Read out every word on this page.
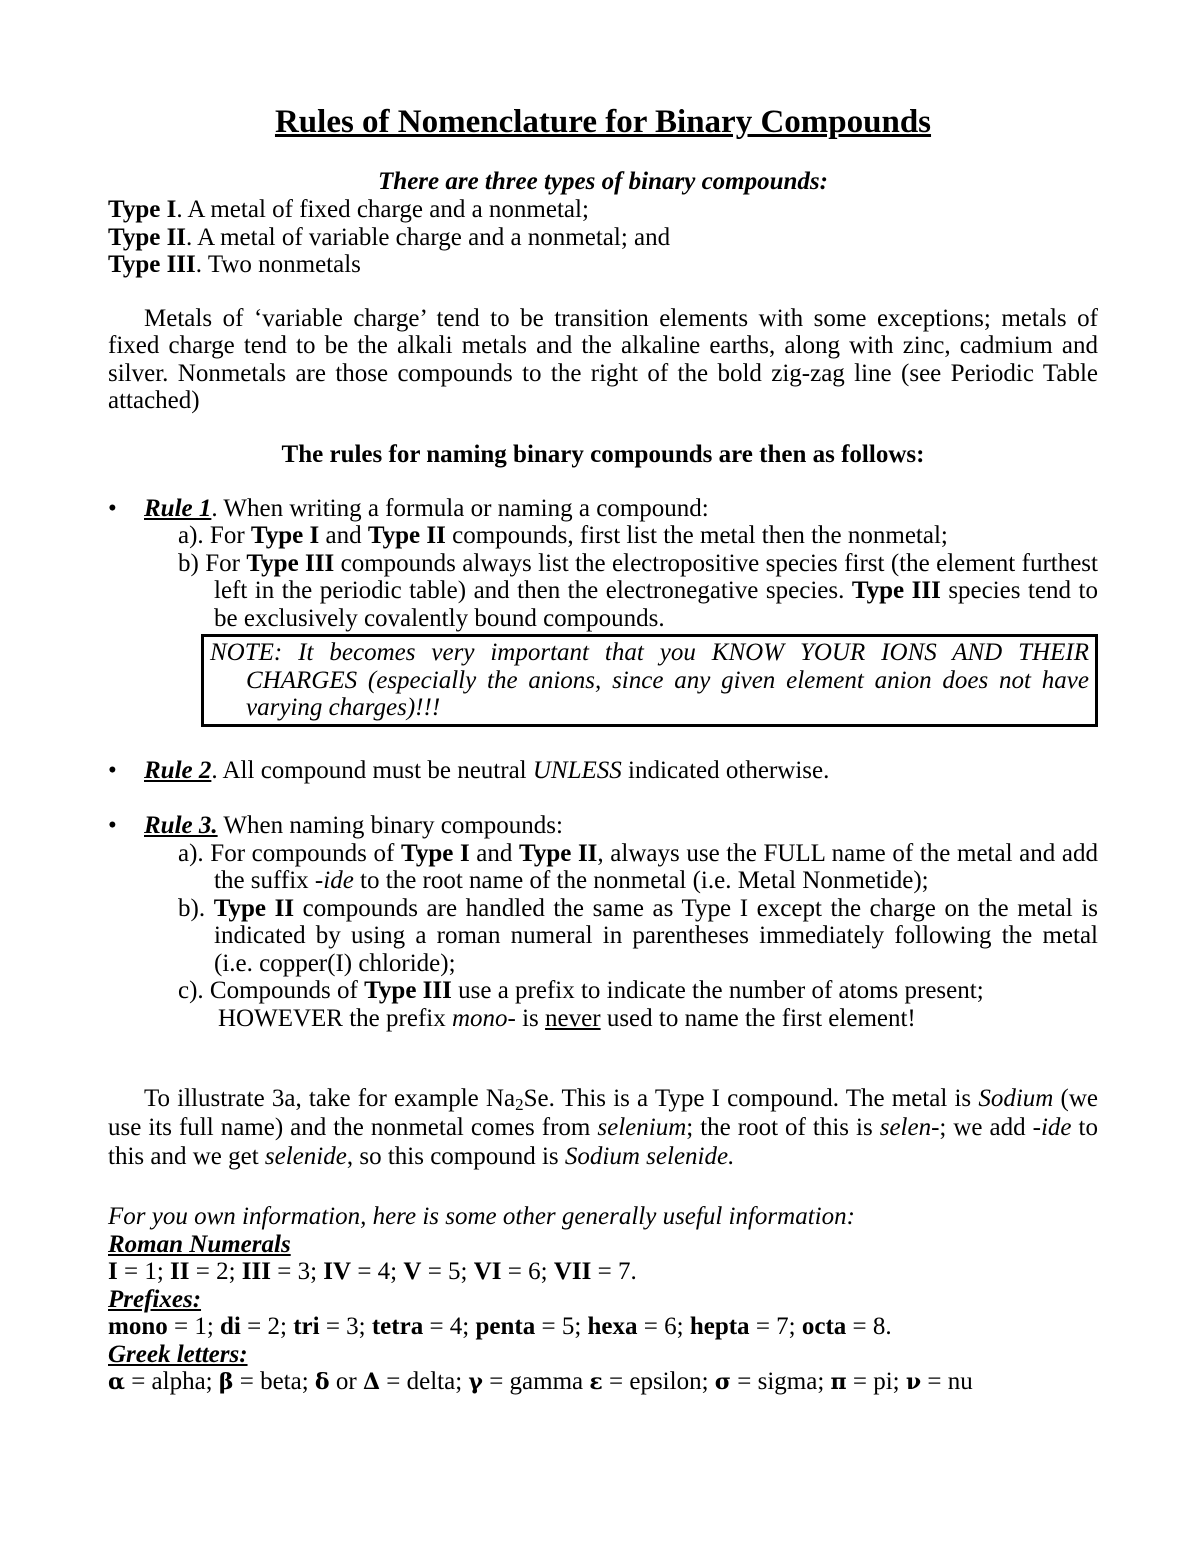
Rules of Nomenclature for Binary Compounds
There are three types of binary compounds:
Type I. A metal of fixed charge and a nonmetal;
Type II. A metal of variable charge and a nonmetal; and
Type III. Two nonmetals

Metals of ‘variable charge’ tend to be transition elements with some exceptions; metals of fixed charge tend to be the alkali metals and the alkaline earths, along with zinc, cadmium and silver. Nonmetals are those compounds to the right of the bold zig-zag line (see Periodic Table attached)

The rules for naming binary compounds are then as follows:
• Rule 1. When writing a formula or naming a compound:
a). For Type I and Type II compounds, first list the metal then the nonmetal;
b) For Type III compounds always list the electropositive species first (the element furthest left in the periodic table) and then the electronegative species. Type III species tend to be exclusively covalently bound compounds.
NOTE: It becomes very important that you KNOW YOUR IONS AND THEIR CHARGES (especially the anions, since any given element anion does not have varying charges)!!!
• Rule 2. All compound must be neutral UNLESS indicated otherwise.
• Rule 3. When naming binary compounds:
a). For compounds of Type I and Type II, always use the FULL name of the metal and add the suffix -ide to the root name of the nonmetal (i.e. Metal Nonmetide);
b). Type II compounds are handled the same as Type I except the charge on the metal is indicated by using a roman numeral in parentheses immediately following the metal (i.e. copper(I) chloride);
c). Compounds of Type III use a prefix to indicate the number of atoms present;
HOWEVER the prefix mono- is never used to name the first element!

To illustrate 3a, take for example $Na_2Se$. This is a Type I compound. The metal is Sodium (we use its full name) and the nonmetal comes from selenium; the root of this is selen-; we add -ide to this and we get selenide, so this compound is Sodium selenide.

For you own information, here is some other generally useful information:
Roman Numerals
I = 1; II = 2; III = 3; IV = 4; V = 5; VI = 6; VII = 7.
Prefixes:
mono = 1; di = 2; tri = 3; tetra = 4; penta = 5; hexa = 6; hepta = 7; octa = 8.
Greek letters:
α = alpha; β = beta; δ or Δ = delta; γ = gamma ε = epsilon; σ = sigma; π = pi; ν = nu
